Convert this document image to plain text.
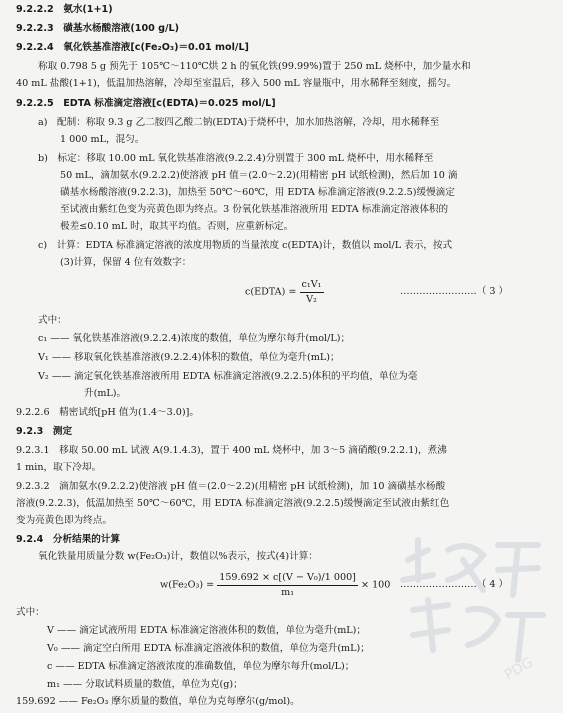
9.2.2.2　氨水(1+1)
9.2.2.3　磺基水杨酸溶液(100 g/L)
9.2.2.4　氧化铁基准溶液[c(Fe₂O₃)＝0.01 mol/L]
称取 0.798 5 g 预先于 105℃～110℃烘 2 h 的氧化铁(99.99%)置于 250 mL 烧杯中，加少量水和
40 mL 盐酸(1+1)，低温加热溶解，冷却至室温后，移入 500 mL 容量瓶中，用水稀释至刻度，摇匀。
9.2.2.5　EDTA 标准滴定溶液[c(EDTA)＝0.025 mol/L]
a)　配制：称取 9.3 g 乙二胺四乙酸二钠(EDTA)于烧杯中，加水加热溶解，冷却，用水稀释至
1 000 mL，混匀。
b)　标定：移取 10.00 mL 氧化铁基准溶液(9.2.2.4)分别置于 300 mL 烧杯中，用水稀释至
50 mL，滴加氨水(9.2.2.2)使溶液 pH 值＝(2.0～2.2)(用精密 pH 试纸检测)，然后加 10 滴
磺基水杨酸溶液(9.2.2.3)，加热至 50℃～60℃，用 EDTA 标准滴定溶液(9.2.2.5)缓慢滴定
至试液由紫红色变为亮黄色即为终点。3 份氧化铁基准溶液所用 EDTA 标准滴定溶液体积的
极差≤0.10 mL 时，取其平均值。否则，应重新标定。
c)　计算：EDTA 标准滴定溶液的浓度用物质的当量浓度 c(EDTA)计，数值以 mol/L 表示，按式
(3)计算，保留 4 位有效数字：
c(EDTA) = $\frac{\text{c₁V₁}}{\text{V₂}}$	……………………（ 3 ）
式中：
c₁ —— 氧化铁基准溶液(9.2.2.4)浓度的数值，单位为摩尔每升(mol/L)；
V₁ —— 移取氧化铁基准溶液(9.2.2.4)体积的数值，单位为毫升(mL)；
V₂ —— 滴定氧化铁基准溶液所用 EDTA 标准滴定溶液(9.2.2.5)体积的平均值，单位为毫
升(mL)。
9.2.2.6　精密试纸[pH 值为(1.4～3.0)]。
9.2.3　测定
9.2.3.1　移取 50.00 mL 试液 A(9.1.4.3)，置于 400 mL 烧杯中，加 3～5 滴硝酸(9.2.2.1)，煮沸
1 min，取下冷却。
9.2.3.2　滴加氨水(9.2.2.2)使溶液 pH 值＝(2.0～2.2)(用精密 pH 试纸检测)，加 10 滴磺基水杨酸
溶液(9.2.2.3)，低温加热至 50℃～60℃，用 EDTA 标准滴定溶液(9.2.2.5)缓慢滴定至试液由紫红色
变为亮黄色即为终点。
9.2.4　分析结果的计算
氧化铁量用质量分数 w(Fe₂O₃)计，数值以%表示，按式(4)计算：
$w(Fe_2O_3) = \frac{\text{159.692 × c[(V − V₀)/1 000]}}{\text{m₁}} \times 100$ ……………………（ 4 ）
式中：
V —— 滴定试液所用 EDTA 标准滴定溶液体积的数值，单位为毫升(mL)；
V₀ —— 滴定空白所用 EDTA 标准滴定溶液体积的数值，单位为毫升(mL)；
c —— EDTA 标准滴定溶液浓度的准确数值，单位为摩尔每升(mol/L)；
m₁ —— 分取试料质量的数值，单位为克(g)；
159.692 —— Fe₂O₃ 摩尔质量的数值，单位为克每摩尔(g/mol)。
PDG
